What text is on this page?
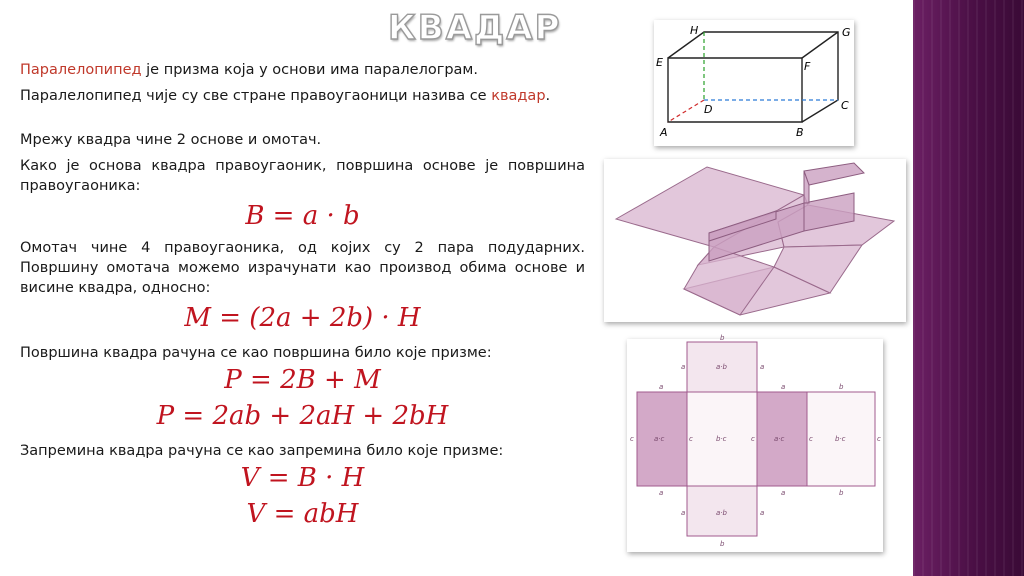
КВАДАР
Паралелопипед је призма која у основи има паралелограм.
Паралелопипед чије су све стране правоугаоници назива се квадар.
Мрежу квадра чине 2 основе и омотач.
Како је основа квадра правоугаоник, површина основе је површина правоугаоника:
B = a · b
Омотач чине 4 правоугаоника, од којих су 2 пара подударних. Површину омотача можемо израчунати као производ обима основе и висине квадра, односно:
M = (2a + 2b) · H
Површина квадра рачуна се као површина било које призме:
P = 2B + M
P = 2ab + 2aH + 2bH
Запремина квадра рачуна се као запремина било које призме:
V = B · H
V = abH
A	B
C
D
E	F
G
H
a·b
a·c	b·c	a·c	b·c
a·b
b
a	a
a	a	b
c	c	c	c	c
a	a	b
a	a
b
